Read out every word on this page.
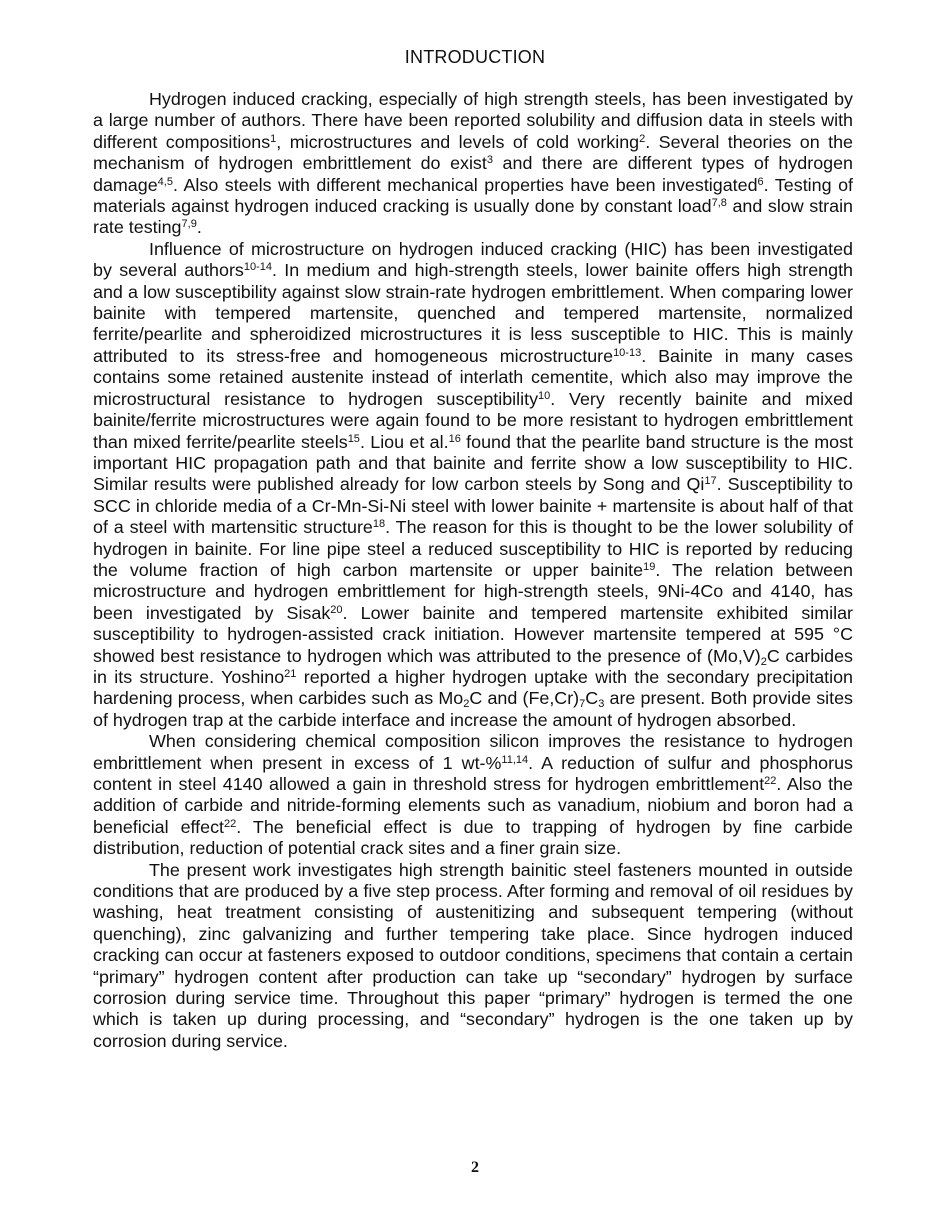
INTRODUCTION

Hydrogen induced cracking, especially of high strength steels, has been investigated by a large number of authors. There have been reported solubility and diffusion data in steels with different compositions$^1$, microstructures and levels of cold working$^2$. Several theories on the mechanism of hydrogen embrittlement do exist$^3$ and there are different types of hydrogen damage$^{4,5}$. Also steels with different mechanical properties have been investigated$^6$. Testing of materials against hydrogen induced cracking is usually done by constant load$^{7,8}$ and slow strain rate testing$^{7,9}$.

Influence of microstructure on hydrogen induced cracking (HIC) has been investigated by several authors$^{10-14}$. In medium and high-strength steels, lower bainite offers high strength and a low susceptibility against slow strain-rate hydrogen embrittlement. When comparing lower bainite with tempered martensite, quenched and tempered martensite, normalized ferrite/pearlite and spheroidized microstructures it is less susceptible to HIC. This is mainly attributed to its stress-free and homogeneous microstructure$^{10-13}$. Bainite in many cases contains some retained austenite instead of interlath cementite, which also may improve the microstructural resistance to hydrogen susceptibility$^{10}$. Very recently bainite and mixed bainite/ferrite microstructures were again found to be more resistant to hydrogen embrittlement than mixed ferrite/pearlite steels$^{15}$. Liou et al.$^{16}$ found that the pearlite band structure is the most important HIC propagation path and that bainite and ferrite show a low susceptibility to HIC. Similar results were published already for low carbon steels by Song and Qi$^{17}$. Susceptibility to SCC in chloride media of a Cr-Mn-Si-Ni steel with lower bainite + martensite is about half of that of a steel with martensitic structure$^{18}$. The reason for this is thought to be the lower solubility of hydrogen in bainite. For line pipe steel a reduced susceptibility to HIC is reported by reducing the volume fraction of high carbon martensite or upper bainite$^{19}$. The relation between microstructure and hydrogen embrittlement for high-strength steels, 9Ni-4Co and 4140, has been investigated by Sisak$^{20}$. Lower bainite and tempered martensite exhibited similar susceptibility to hydrogen-assisted crack initiation. However martensite tempered at 595 °C showed best resistance to hydrogen which was attributed to the presence of $(Mo,V)_2C$ carbides in its structure. Yoshino$^{21}$ reported a higher hydrogen uptake with the secondary precipitation hardening process, when carbides such as $Mo_2C$ and $(Fe,Cr)_7C_3$ are present. Both provide sites of hydrogen trap at the carbide interface and increase the amount of hydrogen absorbed.

When considering chemical composition silicon improves the resistance to hydrogen embrittlement when present in excess of 1 wt-%$^{11,14}$. A reduction of sulfur and phosphorus content in steel 4140 allowed a gain in threshold stress for hydrogen embrittlement$^{22}$. Also the addition of carbide and nitride-forming elements such as vanadium, niobium and boron had a beneficial effect$^{22}$. The beneficial effect is due to trapping of hydrogen by fine carbide distribution, reduction of potential crack sites and a finer grain size.

The present work investigates high strength bainitic steel fasteners mounted in outside conditions that are produced by a five step process. After forming and removal of oil residues by washing, heat treatment consisting of austenitizing and subsequent tempering (without quenching), zinc galvanizing and further tempering take place. Since hydrogen induced cracking can occur at fasteners exposed to outdoor conditions, specimens that contain a certain “primary” hydrogen content after production can take up “secondary” hydrogen by surface corrosion during service time. Throughout this paper “primary” hydrogen is termed the one which is taken up during processing, and “secondary” hydrogen is the one taken up by corrosion during service.

2
